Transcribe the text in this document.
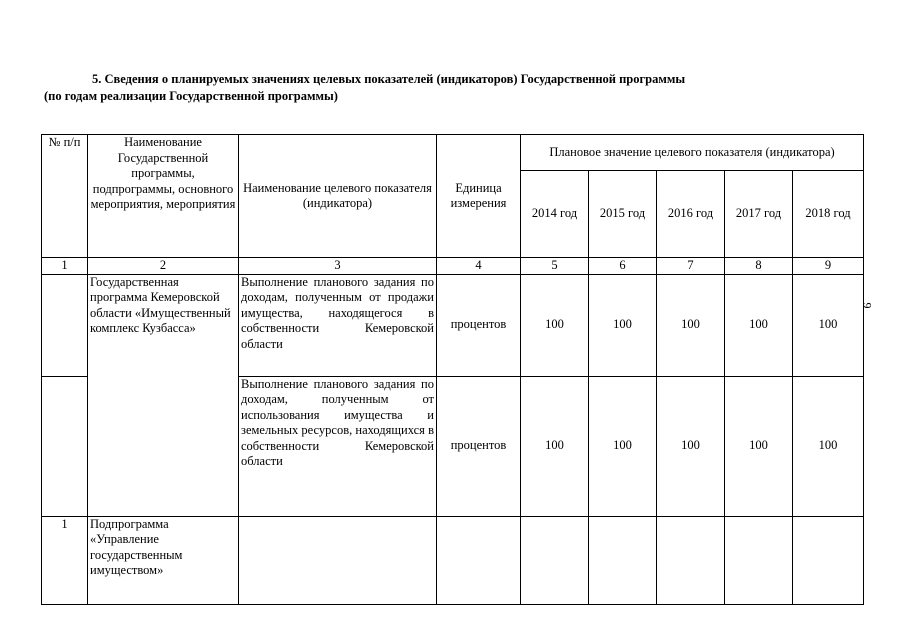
5. Сведения о планируемых значениях целевых показателей (индикаторов) Государственной программы
(по годам реализации Государственной программы)
№ п/п	Наименование Государственной программы, подпрограммы, основного мероприятия, мероприятия	Наименование целевого показателя (индикатора)	Единица измерения	Плановое значение целевого показателя (индикатора)				
				2014 год	2015 год	2016 год	2017 год	2018 год
1	2	3	4	5	6	7	8	9
	Государственная программа Кемеровской области «Имущественный комплекс Кузбасса»	Выполнение планового задания по доходам, полученным от продажи имущества, находящегося в собственности Кемеровской области	процентов	100	100	100	100	100
		Выполнение планового задания по доходам, полученным от использования имущества и земельных ресурсов, находящихся в собственности Кемеровской области	процентов	100	100	100	100	100
1	Подпрограмма «Управление государственным имуществом»							
9
